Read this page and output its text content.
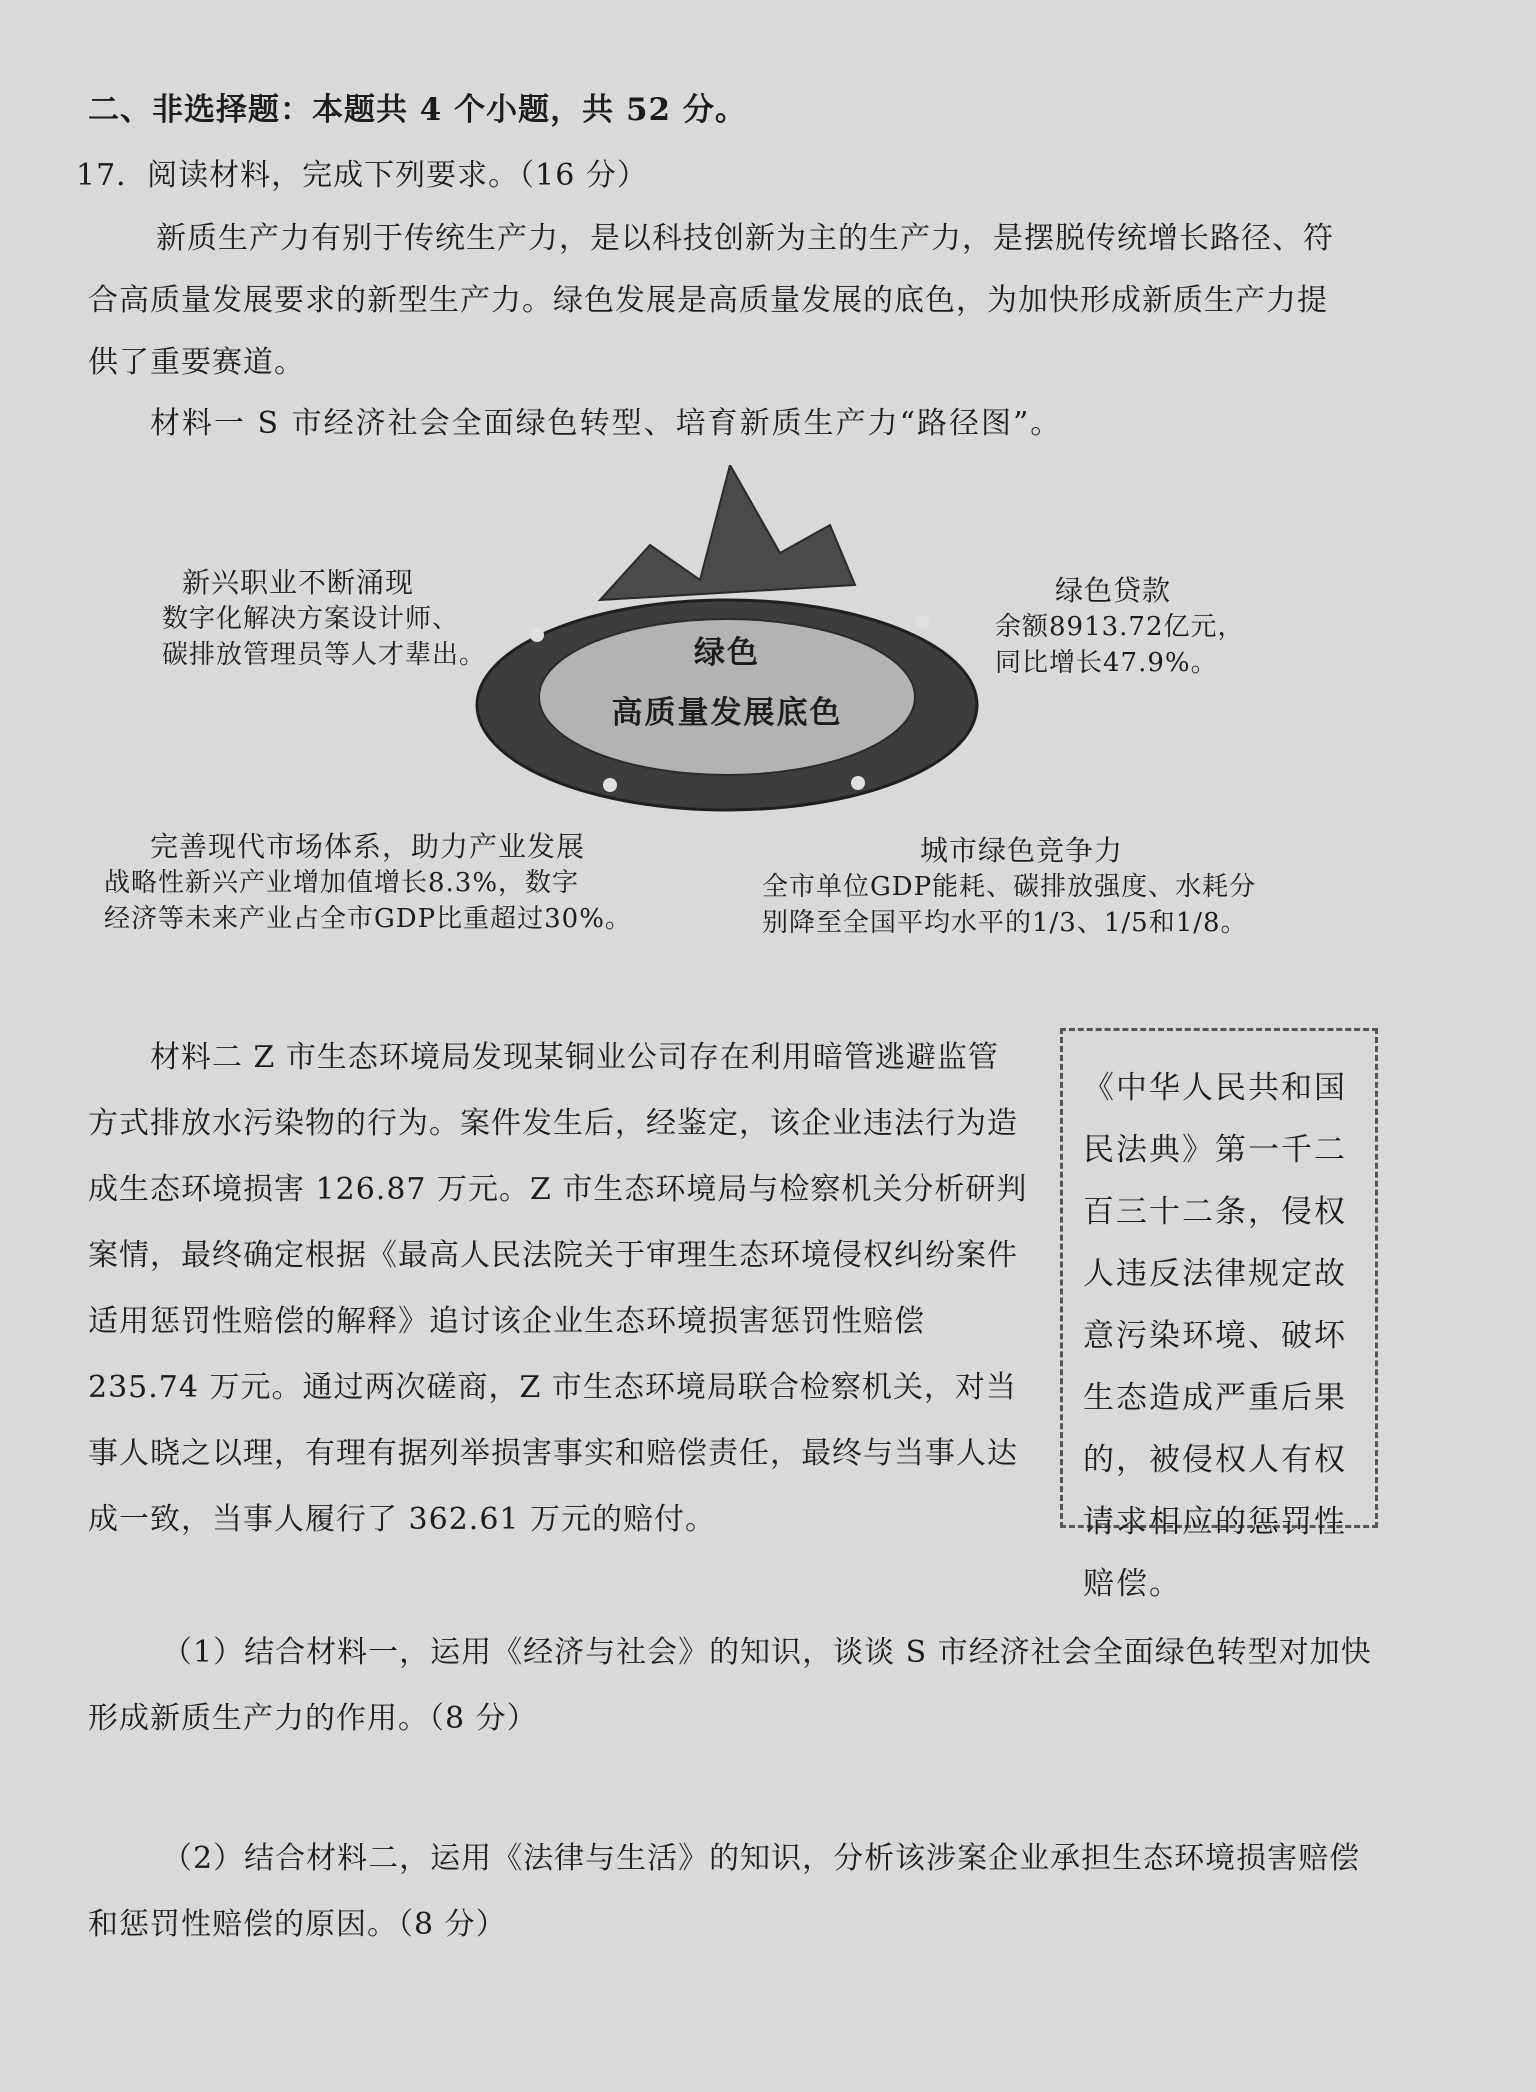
二、非选择题：本题共 4 个小题，共 52 分。

17．阅读材料，完成下列要求。（16 分）

新质生产力有别于传统生产力，是以科技创新为主的生产力，是摆脱传统增长路径、符合高质量发展要求的新型生产力。绿色发展是高质量发展的底色，为加快形成新质生产力提供了重要赛道。

材料一 S 市经济社会全面绿色转型、培育新质生产力“路径图”。

绿色
高质量发展底色
新兴职业不断涌现
数字化解决方案设计师、
碳排放管理员等人才辈出。
绿色贷款
余额8913.72亿元，
同比增长47.9%。
完善现代市场体系，助力产业发展
战略性新兴产业增加值增长8.3%，数字
经济等未来产业占全市GDP比重超过30%。
城市绿色竞争力
全市单位GDP能耗、碳排放强度、水耗分
别降至全国平均水平的1/3、1/5和1/8。

材料二 Z 市生态环境局发现某铜业公司存在利用暗管逃避监管方式排放水污染物的行为。案件发生后，经鉴定，该企业违法行为造成生态环境损害 126.87 万元。Z 市生态环境局与检察机关分析研判案情，最终确定根据《最高人民法院关于审理生态环境侵权纠纷案件适用惩罚性赔偿的解释》追讨该企业生态环境损害惩罚性赔偿 235.74 万元。通过两次磋商，Z 市生态环境局联合检察机关，对当事人晓之以理，有理有据列举损害事实和赔偿责任，最终与当事人达成一致，当事人履行了 362.61 万元的赔付。

《中华人民共和国民法典》第一千二百三十二条，侵权人违反法律规定故意污染环境、破坏生态造成严重后果的，被侵权人有权请求相应的惩罚性赔偿。

（1）结合材料一，运用《经济与社会》的知识，谈谈 S 市经济社会全面绿色转型对加快形成新质生产力的作用。（8 分）

（2）结合材料二，运用《法律与生活》的知识，分析该涉案企业承担生态环境损害赔偿和惩罚性赔偿的原因。（8 分）
